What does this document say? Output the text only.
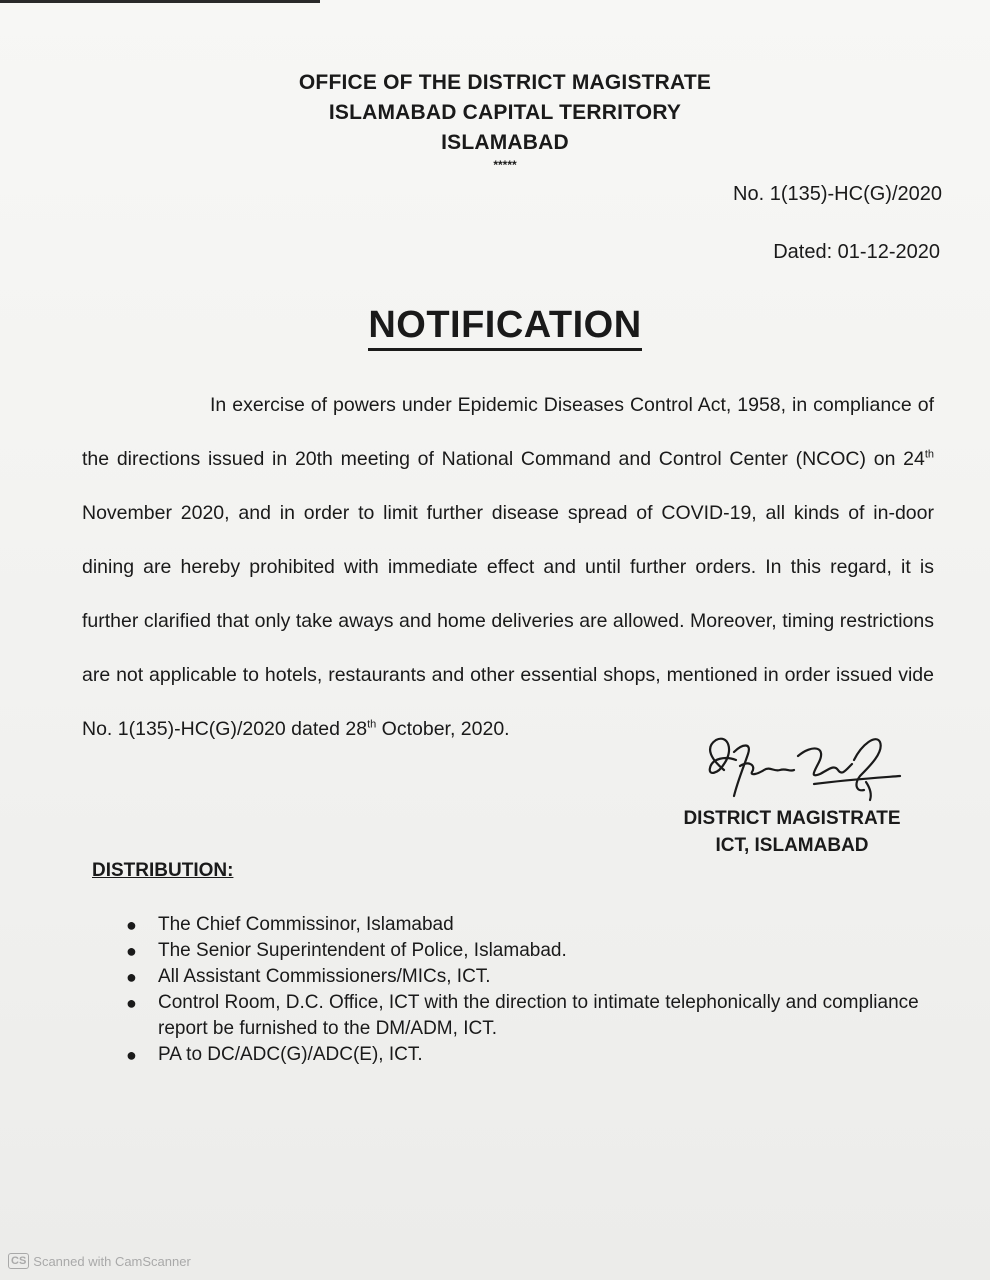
OFFICE OF THE DISTRICT MAGISTRATE
ISLAMABAD CAPITAL TERRITORY
ISLAMABAD
*****
No. 1(135)-HC(G)/2020
Dated: 01-12-2020
NOTIFICATION
In exercise of powers under Epidemic Diseases Control Act, 1958, in compliance of the directions issued in 20th meeting of National Command and Control Center (NCOC) on 24th November 2020, and in order to limit further disease spread of COVID-19, all kinds of in-door dining are hereby prohibited with immediate effect and until further orders. In this regard, it is further clarified that only take aways and home deliveries are allowed. Moreover, timing restrictions are not applicable to hotels, restaurants and other essential shops, mentioned in order issued vide No. 1(135)-HC(G)/2020 dated 28th October, 2020.
DISTRICT MAGISTRATE
ICT, ISLAMABAD
DISTRIBUTION:
● The Chief Commissinor, Islamabad
● The Senior Superintendent of Police, Islamabad.
● All Assistant Commissioners/MICs, ICT.
● Control Room, D.C. Office, ICT with the direction to intimate telephonically and compliance report be furnished to the DM/ADM, ICT.
● PA to DC/ADC(G)/ADC(E), ICT.
CS Scanned with CamScanner
